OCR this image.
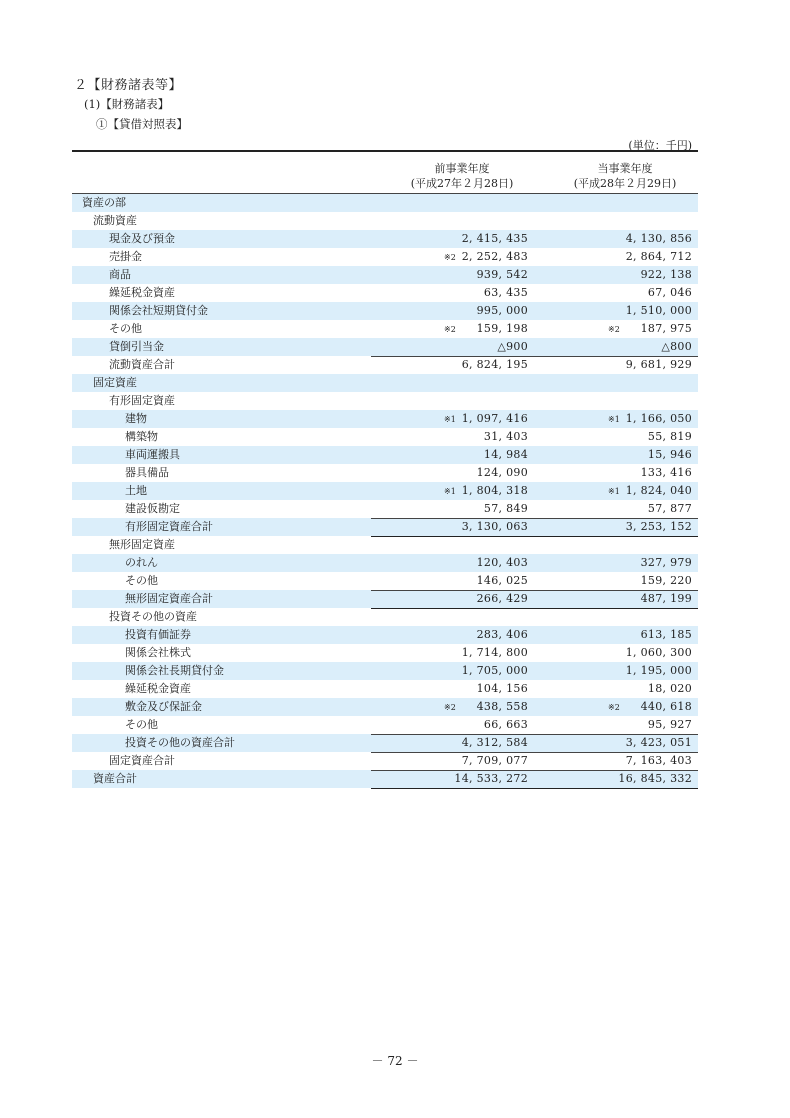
２【財務諸表等】
(1)【財務諸表】
①【貸借対照表】
(単位：千円)
前事業年度
(平成27年２月28日)
当事業年度
(平成28年２月29日)
資産の部
流動資産
現金及び預金	2, 415, 435	4, 130, 856
売掛金	※2 2, 252, 483	2, 864, 712
商品	939, 542	922, 138
繰延税金資産	63, 435	67, 046
関係会社短期貸付金	995, 000	1, 510, 000
その他	※2 159, 198	※2 187, 975
貸倒引当金	△900	△800
流動資産合計	6, 824, 195	9, 681, 929
固定資産
有形固定資産
建物	※1 1, 097, 416	※1 1, 166, 050
構築物	31, 403	55, 819
車両運搬具	14, 984	15, 946
器具備品	124, 090	133, 416
土地	※1 1, 804, 318	※1 1, 824, 040
建設仮勘定	57, 849	57, 877
有形固定資産合計	3, 130, 063	3, 253, 152
無形固定資産
のれん	120, 403	327, 979
その他	146, 025	159, 220
無形固定資産合計	266, 429	487, 199
投資その他の資産
投資有価証券	283, 406	613, 185
関係会社株式	1, 714, 800	1, 060, 300
関係会社長期貸付金	1, 705, 000	1, 195, 000
繰延税金資産	104, 156	18, 020
敷金及び保証金	※2 438, 558	※2 440, 618
その他	66, 663	95, 927
投資その他の資産合計	4, 312, 584	3, 423, 051
固定資産合計	7, 709, 077	7, 163, 403
資産合計	14, 533, 272	16, 845, 332
－ 72 －
